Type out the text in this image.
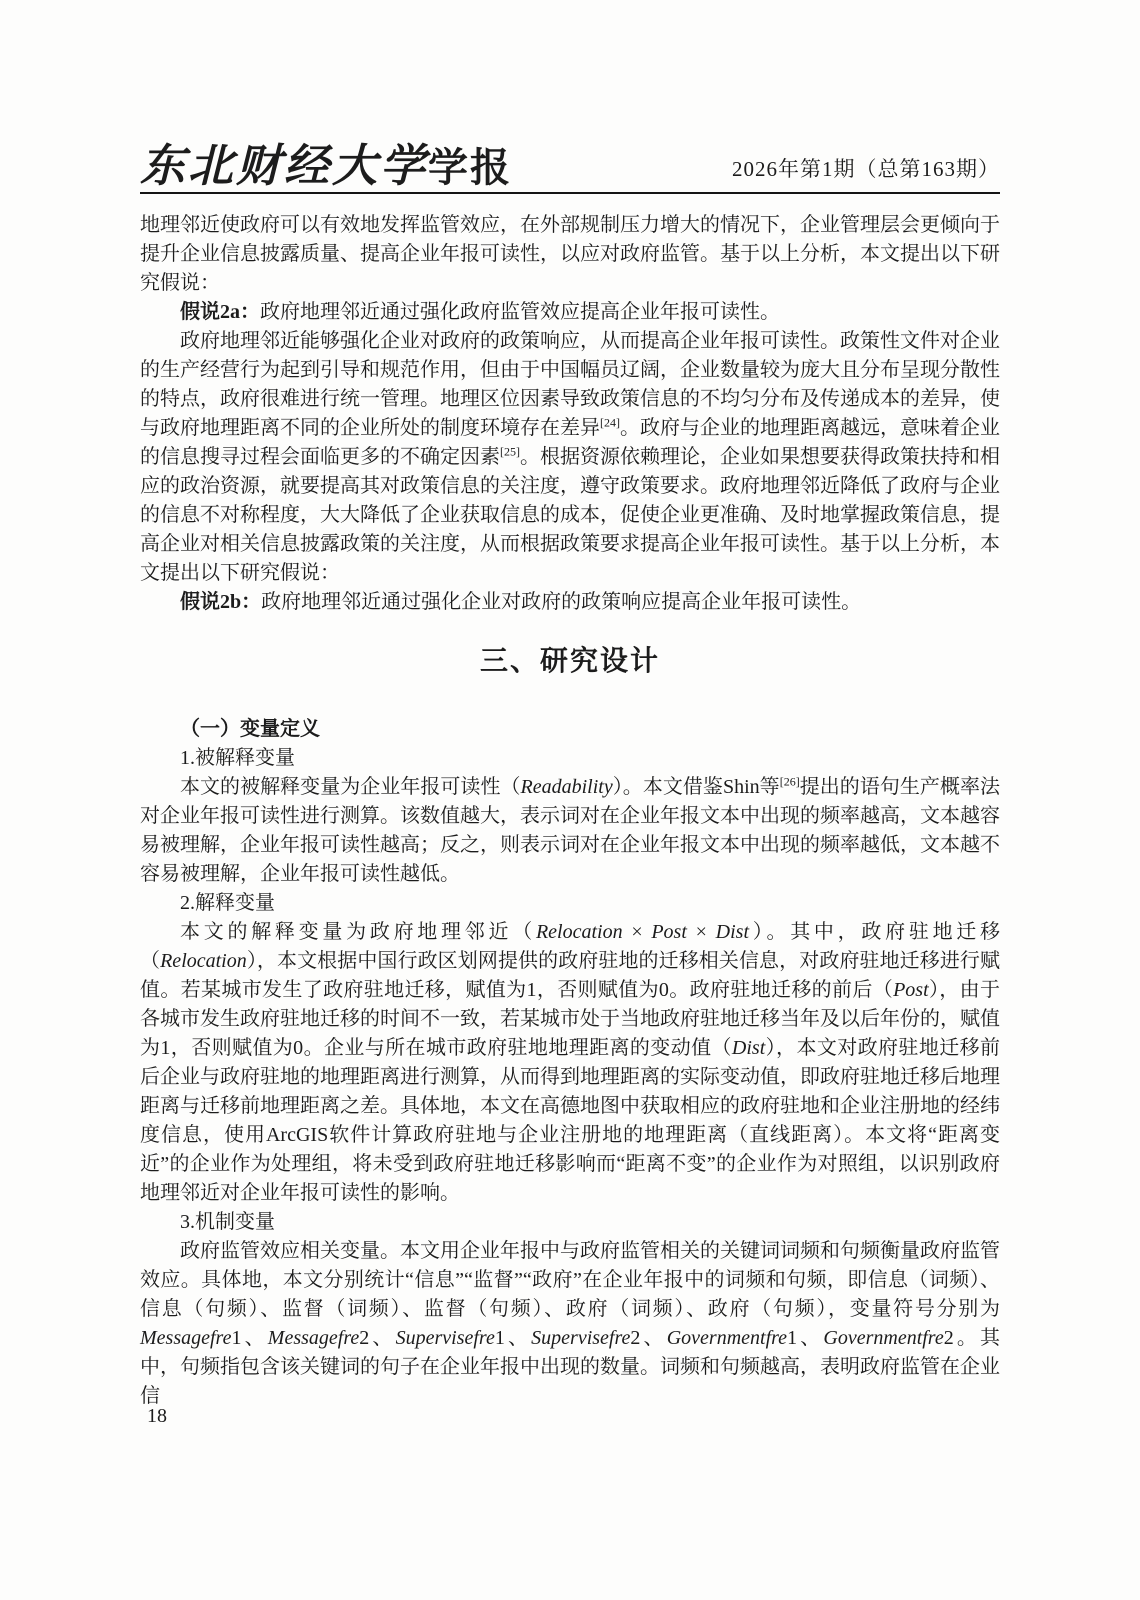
东北财经大学学报	2026年第1期（总第163期）

地理邻近使政府可以有效地发挥监管效应，在外部规制压力增大的情况下，企业管理层会更倾向于提升企业信息披露质量、提高企业年报可读性，以应对政府监管。基于以上分析，本文提出以下研究假说：

假说2a：政府地理邻近通过强化政府监管效应提高企业年报可读性。

政府地理邻近能够强化企业对政府的政策响应，从而提高企业年报可读性。政策性文件对企业的生产经营行为起到引导和规范作用，但由于中国幅员辽阔，企业数量较为庞大且分布呈现分散性的特点，政府很难进行统一管理。地理区位因素导致政策信息的不均匀分布及传递成本的差异，使与政府地理距离不同的企业所处的制度环境存在差异[24]。政府与企业的地理距离越远，意味着企业的信息搜寻过程会面临更多的不确定因素[25]。根据资源依赖理论，企业如果想要获得政策扶持和相应的政治资源，就要提高其对政策信息的关注度，遵守政策要求。政府地理邻近降低了政府与企业的信息不对称程度，大大降低了企业获取信息的成本，促使企业更准确、及时地掌握政策信息，提高企业对相关信息披露政策的关注度，从而根据政策要求提高企业年报可读性。基于以上分析，本文提出以下研究假说：

假说2b：政府地理邻近通过强化企业对政府的政策响应提高企业年报可读性。

三、研究设计

（一）变量定义

1.被解释变量

本文的被解释变量为企业年报可读性（Readability）。本文借鉴Shin等[26]提出的语句生产概率法对企业年报可读性进行测算。该数值越大，表示词对在企业年报文本中出现的频率越高，文本越容易被理解，企业年报可读性越高；反之，则表示词对在企业年报文本中出现的频率越低，文本越不容易被理解，企业年报可读性越低。

2.解释变量

本文的解释变量为政府地理邻近（Relocation × Post × Dist）。其中，政府驻地迁移（Relocation），本文根据中国行政区划网提供的政府驻地的迁移相关信息，对政府驻地迁移进行赋值。若某城市发生了政府驻地迁移，赋值为1，否则赋值为0。政府驻地迁移的前后（Post），由于各城市发生政府驻地迁移的时间不一致，若某城市处于当地政府驻地迁移当年及以后年份的，赋值为1，否则赋值为0。企业与所在城市政府驻地地理距离的变动值（Dist），本文对政府驻地迁移前后企业与政府驻地的地理距离进行测算，从而得到地理距离的实际变动值，即政府驻地迁移后地理距离与迁移前地理距离之差。具体地，本文在高德地图中获取相应的政府驻地和企业注册地的经纬度信息，使用ArcGIS软件计算政府驻地与企业注册地的地理距离（直线距离）。本文将“距离变近”的企业作为处理组，将未受到政府驻地迁移影响而“距离不变”的企业作为对照组，以识别政府地理邻近对企业年报可读性的影响。

3.机制变量

政府监管效应相关变量。本文用企业年报中与政府监管相关的关键词词频和句频衡量政府监管效应。具体地，本文分别统计“信息”“监督”“政府”在企业年报中的词频和句频，即信息（词频）、信息（句频）、监督（词频）、监督（句频）、政府（词频）、政府（句频），变量符号分别为Messagefre1、Messagefre2、Supervisefre1、Supervisefre2、Governmentfre1、Governmentfre2。其中，句频指包含该关键词的句子在企业年报中出现的数量。词频和句频越高，表明政府监管在企业信

18
